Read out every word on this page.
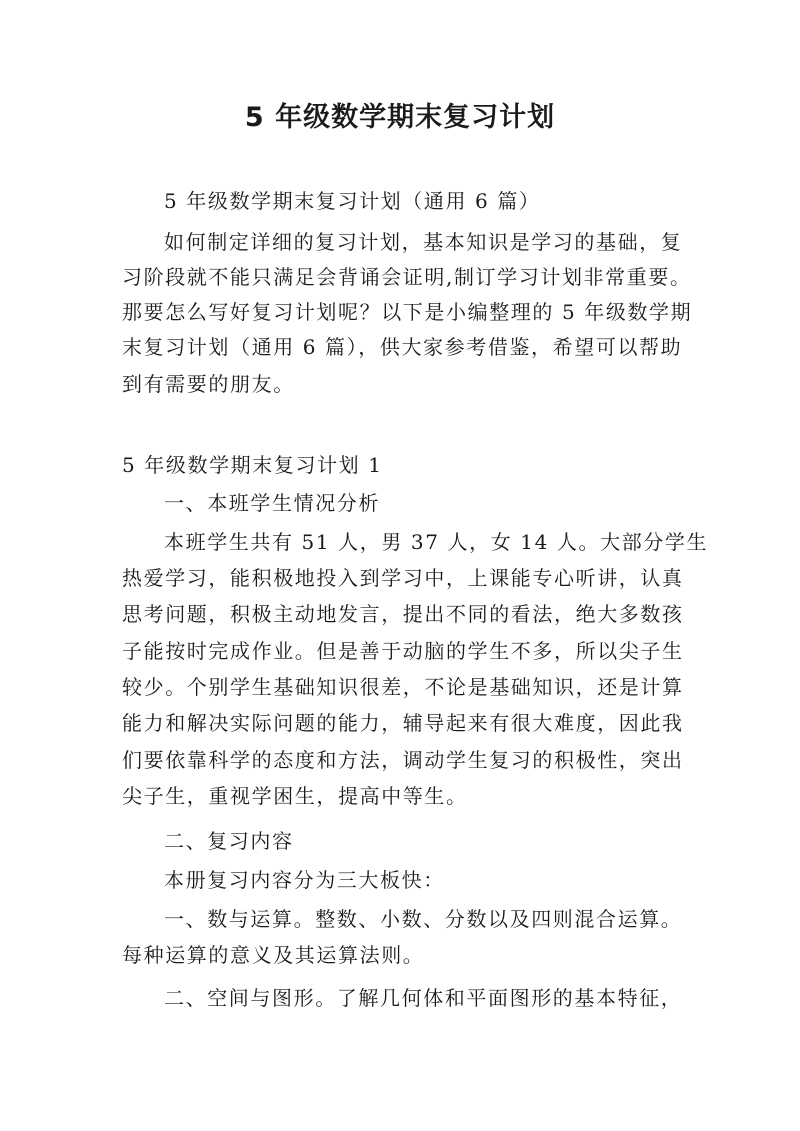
5 年级数学期末复习计划
5 年级数学期末复习计划（通用 6 篇）
如何制定详细的复习计划，基本知识是学习的基础，复
习阶段就不能只满足会背诵会证明,制订学习计划非常重要。
那要怎么写好复习计划呢？以下是小编整理的 5 年级数学期
末复习计划（通用 6 篇），供大家参考借鉴，希望可以帮助
到有需要的朋友。
5 年级数学期末复习计划 1
一、本班学生情况分析
本班学生共有 51 人，男 37 人，女 14 人。大部分学生
热爱学习，能积极地投入到学习中，上课能专心听讲，认真
思考问题，积极主动地发言，提出不同的看法，绝大多数孩
子能按时完成作业。但是善于动脑的学生不多，所以尖子生
较少。个别学生基础知识很差，不论是基础知识，还是计算
能力和解决实际问题的能力，辅导起来有很大难度，因此我
们要依靠科学的态度和方法，调动学生复习的积极性，突出
尖子生，重视学困生，提高中等生。
二、复习内容
本册复习内容分为三大板快：
一、数与运算。整数、小数、分数以及四则混合运算。
每种运算的意义及其运算法则。
二、空间与图形。了解几何体和平面图形的基本特征，
